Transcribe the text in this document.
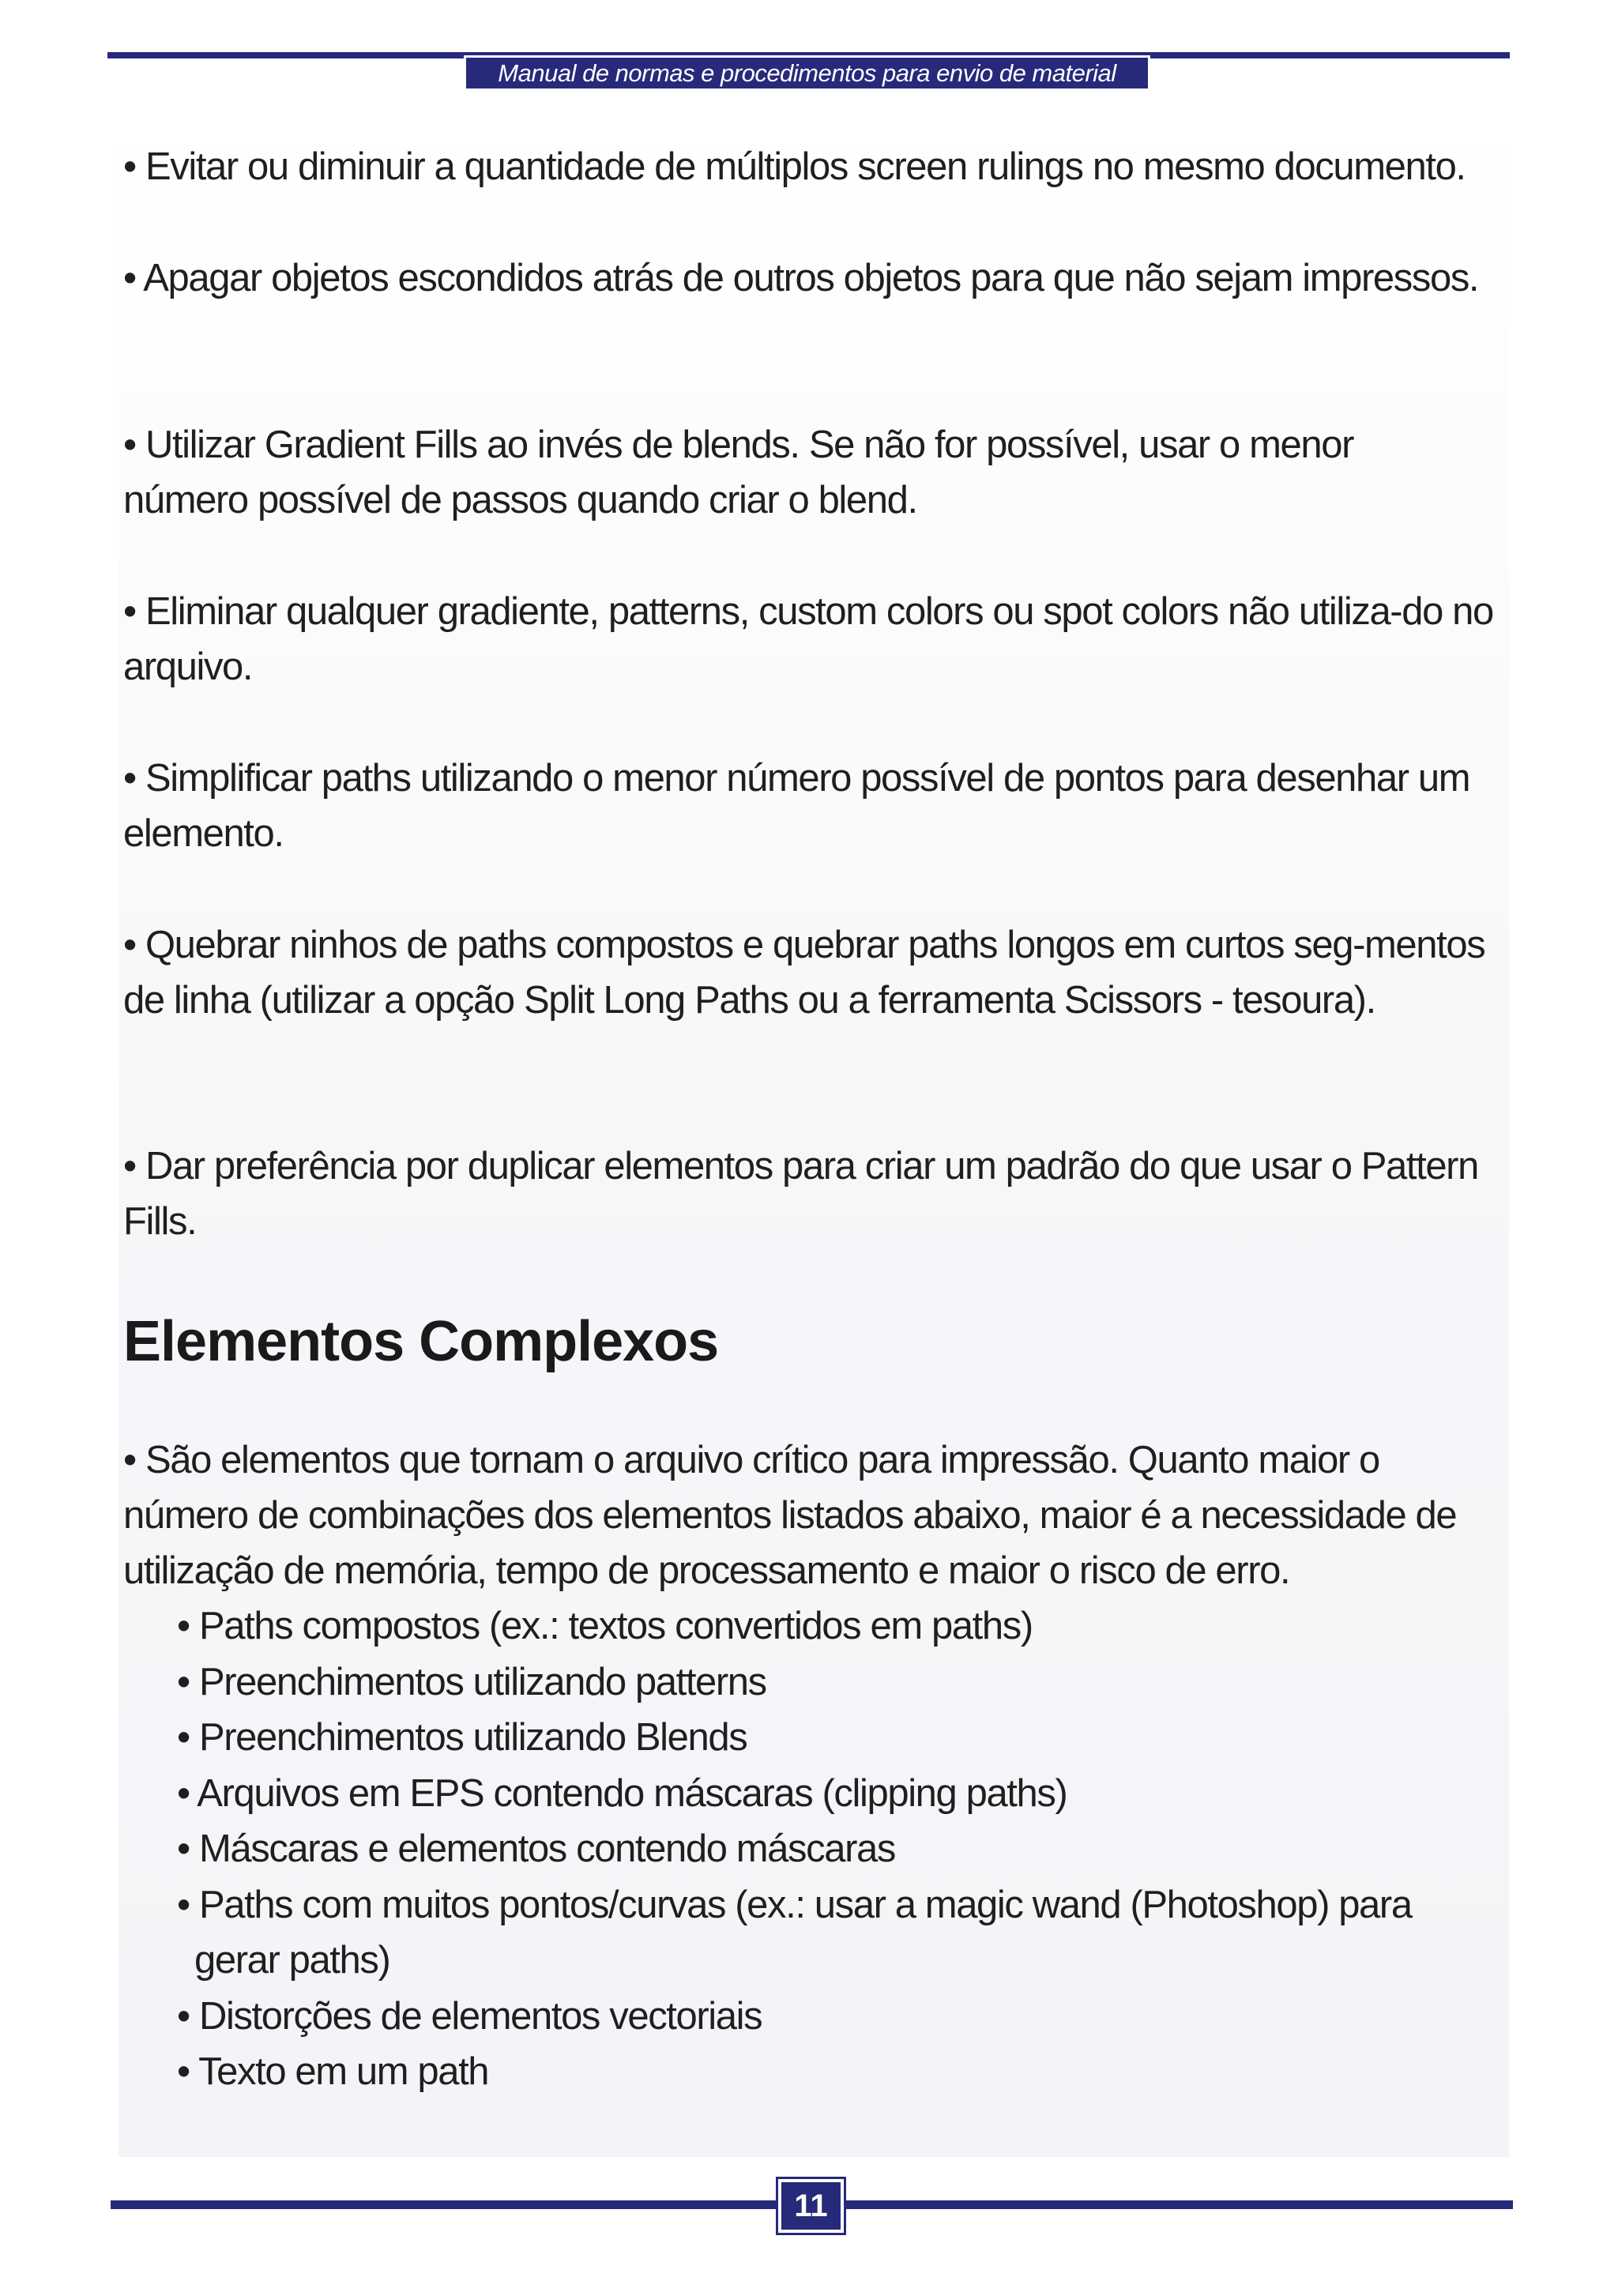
Manual de normas e procedimentos para envio de material

• Evitar ou diminuir a quantidade de múltiplos screen rulings no mesmo documento.

• Apagar objetos escondidos atrás de outros objetos para que não sejam impressos.

• Utilizar Gradient Fills ao invés de blends. Se não for possível, usar o menor número possível de passos quando criar o blend.

• Eliminar qualquer gradiente, patterns, custom colors ou spot colors não utiliza-do no arquivo.

• Simplificar paths utilizando o menor número possível de pontos para desenhar um elemento.

• Quebrar ninhos de paths compostos e quebrar paths longos em curtos seg-mentos de linha (utilizar a opção Split Long Paths ou a ferramenta Scissors - tesoura).

• Dar preferência por duplicar elementos para criar um padrão do que usar o Pattern Fills.

Elementos Complexos

• São elementos que tornam o arquivo crítico para impressão. Quanto maior o número de combinações dos elementos listados abaixo, maior é a necessidade de utilização de memória, tempo de processamento e maior o risco de erro.

• Paths compostos (ex.: textos convertidos em paths)
• Preenchimentos utilizando patterns
• Preenchimentos utilizando Blends
• Arquivos em EPS contendo máscaras (clipping paths)
• Máscaras e elementos contendo máscaras
• Paths com muitos pontos/curvas (ex.: usar a magic wand (Photoshop) para
gerar paths)
• Distorções de elementos vectoriais
• Texto em um path
11
